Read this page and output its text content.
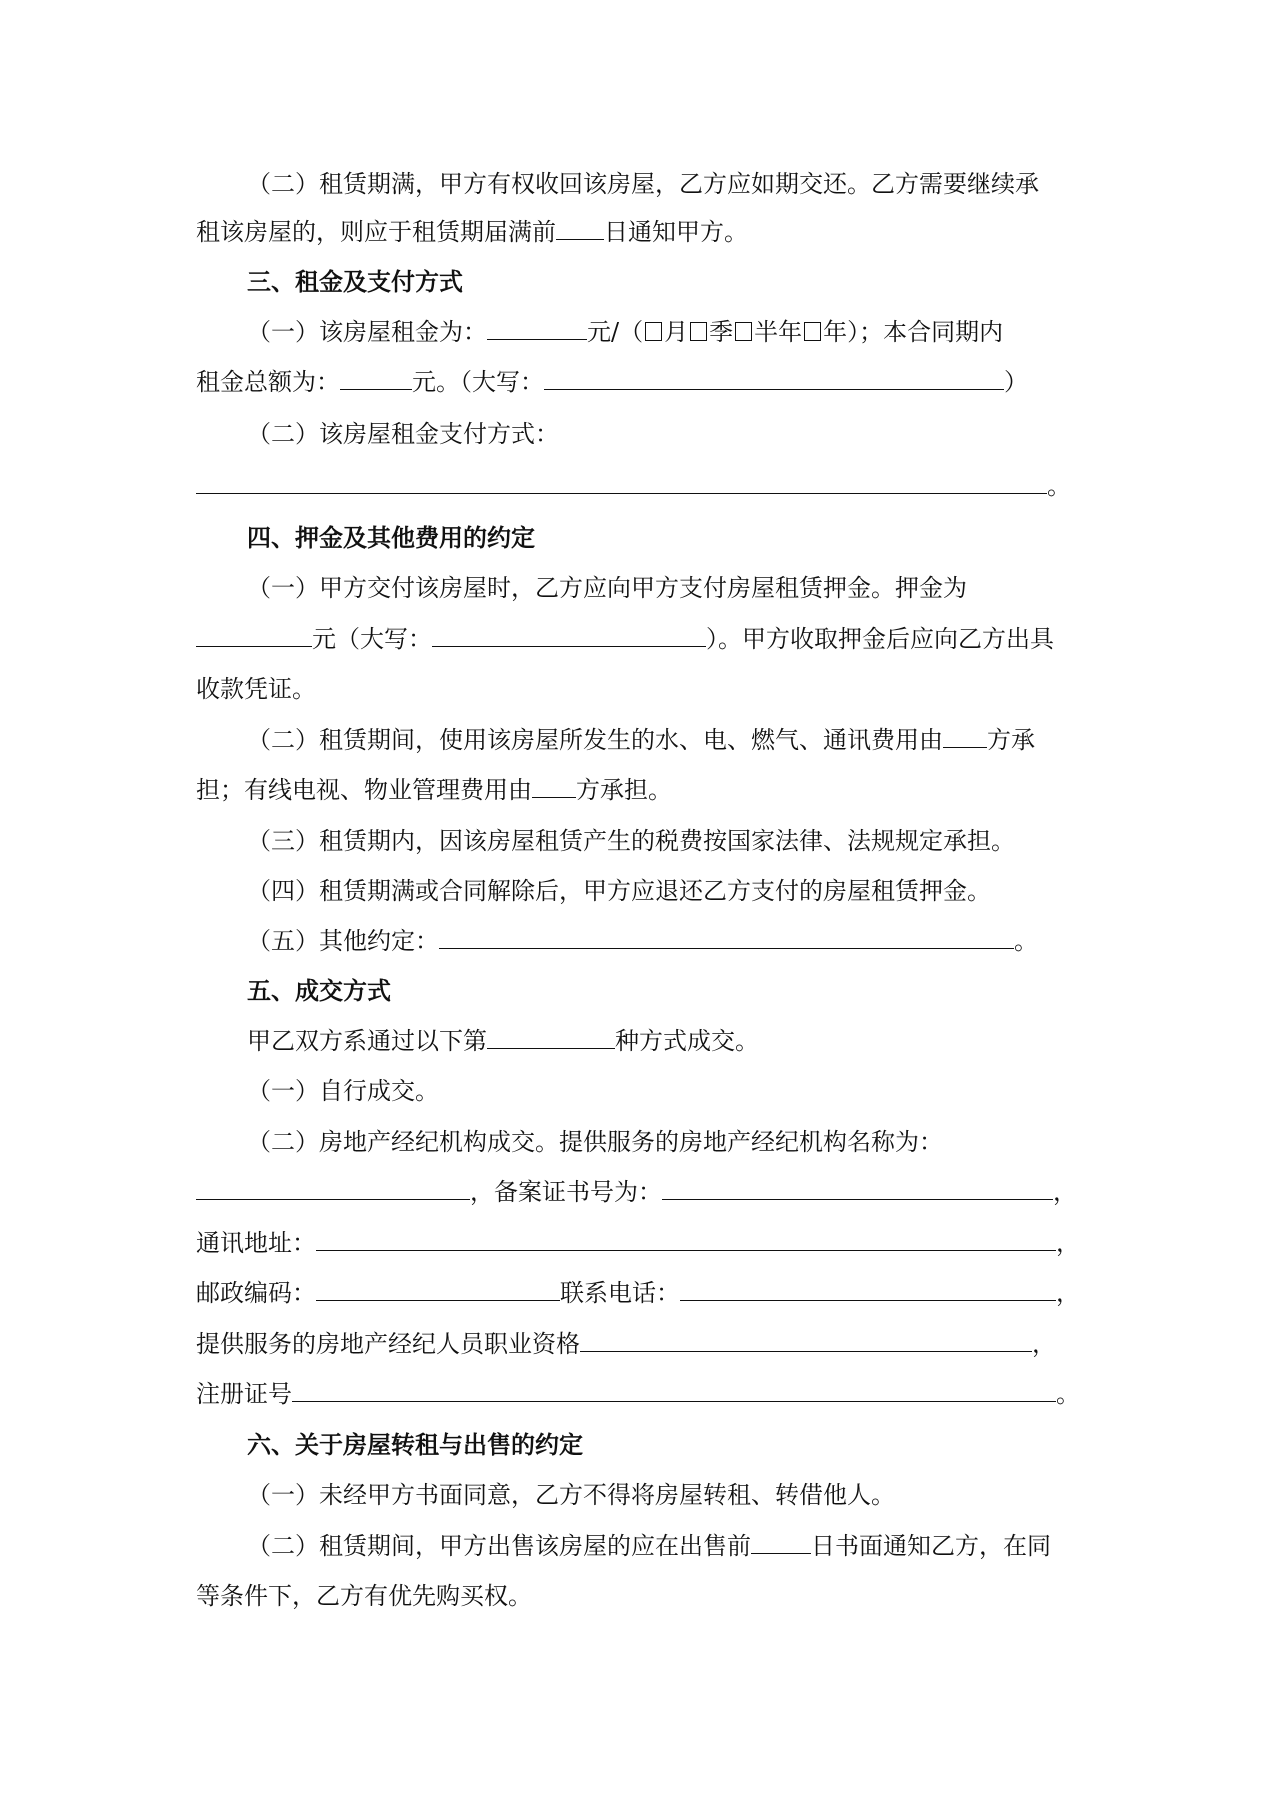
（二）租赁期满，甲方有权收回该房屋，乙方应如期交还。乙方需要继续承
租该房屋的，则应于租赁期届满前 日通知甲方。
三、租金及支付方式
（一）该房屋租金为：	元/（ 月 季 半年 年）；本合同期内
租金总额为：	元。（大写：	）
（二）该房屋租金支付方式：
。
四、押金及其他费用的约定
（一）甲方交付该房屋时，乙方应向甲方支付房屋租赁押金。押金为
元（大写：	）。甲方收取押金后应向乙方出具
收款凭证。
（二）租赁期间，使用该房屋所发生的水、电、燃气、通讯费用由 方承
担；有线电视、物业管理费用由 方承担。
（三）租赁期内，因该房屋租赁产生的税费按国家法律、法规规定承担。
（四）租赁期满或合同解除后，甲方应退还乙方支付的房屋租赁押金。
（五）其他约定：	。
五、成交方式
甲乙双方系通过以下第	种方式成交。
（一）自行成交。
（二）房地产经纪机构成交。提供服务的房地产经纪机构名称为：
，备案证书号为：	，
通讯地址：	，
邮政编码：	联系电话：	，
提供服务的房地产经纪人员职业资格	，
注册证号	。
六、关于房屋转租与出售的约定
（一）未经甲方书面同意，乙方不得将房屋转租、转借他人。
（二）租赁期间，甲方出售该房屋的应在出售前	日书面通知乙方，在同
等条件下，乙方有优先购买权。
